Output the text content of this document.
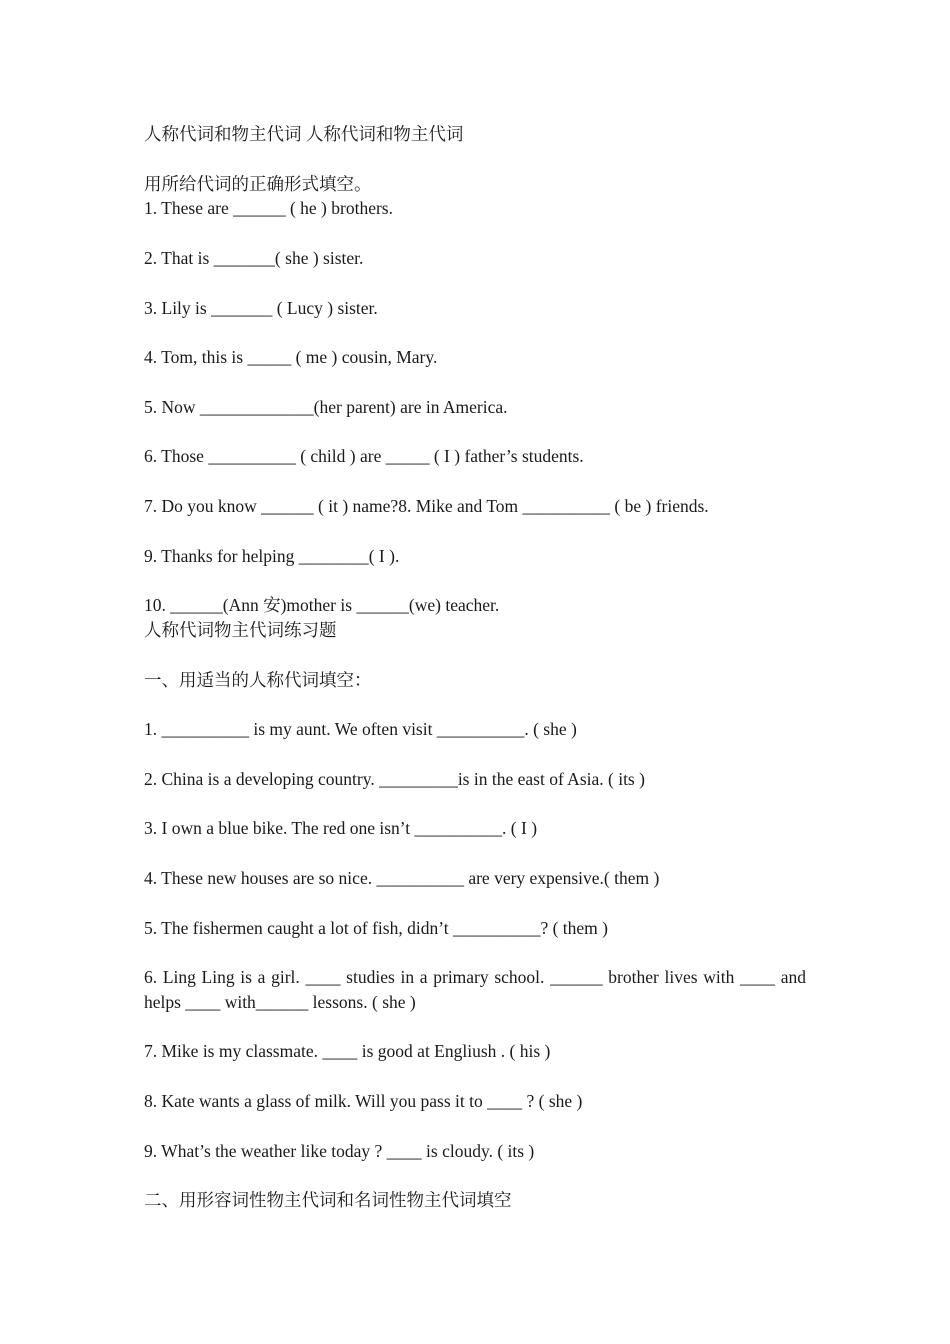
人称代词和物主代词 人称代词和物主代词
用所给代词的正确形式填空。
1. These are ______ ( he ) brothers.
2. That is _______( she ) sister.
3. Lily is _______ ( Lucy ) sister.
4. Tom, this is _____ ( me ) cousin, Mary.
5. Now _____________(her parent) are in America.
6. Those __________ ( child ) are _____ ( I ) father’s students.
7. Do you know ______ ( it ) name?8. Mike and Tom __________ ( be ) friends.
9. Thanks for helping ________( I ).
10. ______(Ann 安)mother is ______(we) teacher.
人称代词物主代词练习题
一、用适当的人称代词填空：
1. __________ is my aunt. We often visit __________. ( she )
2. China is a developing country. _________is in the east of Asia. ( its )
3. I own a blue bike. The red one isn’t __________. ( I )
4. These new houses are so nice. __________ are very expensive.( them )
5. The fishermen caught a lot of fish, didn’t __________? ( them )
6. Ling Ling is a girl. ____ studies in a primary school. ______ brother lives with ____ and helps ____ with______ lessons. ( she )
7. Mike is my classmate. ____ is good at Engliush . ( his )
8. Kate wants a glass of milk. Will you pass it to ____ ? ( she )
9. What’s the weather like today ? ____ is cloudy. ( its )
二、用形容词性物主代词和名词性物主代词填空
